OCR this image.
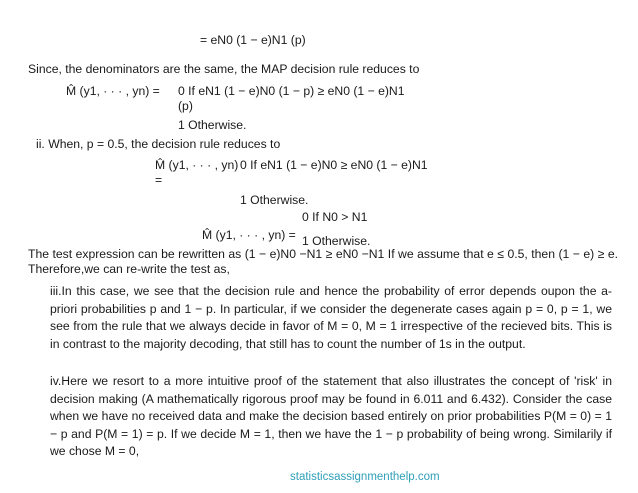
= eN0 (1 − e)N1 (p)
Since, the denominators are the same, the MAP decision rule reduces to
M̂ (y1, · · · , yn) =	0 If eN1 (1 − e)N0 (1 − p) ≥ eN0 (1 − e)N1 (p)
1 Otherwise.
ii. When, p = 0.5, the decision rule reduces to
M̂ (y1, · · · , yn) =
0 If eN1 (1 − e)N0 ≥ eN0 (1 − e)N1
1 Otherwise.
0 If N0 > N1
M̂ (y1, · · · , yn) = 1 Otherwise.
The test expression can be rewritten as (1 − e)N0 −N1 ≥ eN0 −N1 If we assume that e ≤ 0.5, then (1 − e) ≥ e. Therefore,we can re-write the test as,
iii.In this case, we see that the decision rule and hence the probability of error depends oupon the a-priori probabilities p and 1 − p. In particular, if we consider the degenerate cases again p = 0, p = 1, we see from the rule that we always decide in favor of M = 0, M = 1 irrespective of the recieved bits. This is in contrast to the majority decoding, that still has to count the number of 1s in the output.
iv.Here we resort to a more intuitive proof of the statement that also illustrates the concept of 'risk' in decision making (A mathematically rigorous proof may be found in 6.011 and 6.432). Consider the case when we have no received data and make the decision based entirely on prior probabilities P(M = 0) = 1 − p and P(M = 1) = p. If we decide M = 1, then we have the 1 − p probability of being wrong. Similarily if we chose M = 0,
statisticsassignmenthelp.com
